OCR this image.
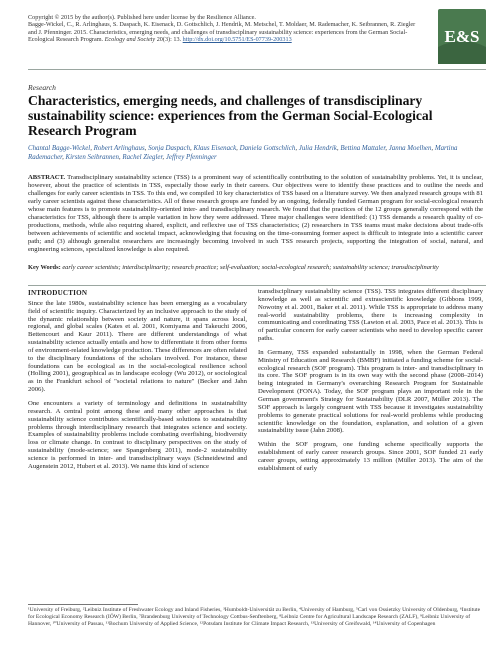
Copyright © 2015 by the author(s). Published here under license by the Resilience Alliance.

Bagge-Wickel, C., R. Arlinghaus, S. Daspach, K. Eisenack, D. Gottschlich, J. Hendrik, M. Metschel, T. Moldaer, M. Rademacher, K. Seibrannen, R. Ziegler and J. Pfenninger. 2015. Characteristics, emerging needs, and challenges of transdisciplinary sustainability science: experiences from the German Social-Ecological Research Program. Ecology and Society 20(3): 13. http://dx.doi.org/10.5751/ES-07739-200313	E&S
Research
Characteristics, emerging needs, and challenges of transdisciplinary sustainability science: experiences from the German Social-Ecological Research Program

Chantal Bagge-Wickel, Robert Arlinghaus, Sonja Daspach, Klaus Eisenack, Daniela Gottschlich, Julia Hendrik, Bettina Mattaler, Janna Moelhen, Martina Rademacher, Kirsten Seibrannen, Rachel Ziegler, Jeffrey Pfenninger

ABSTRACT. Transdisciplinary sustainability science (TSS) is a prominent way of scientifically contributing to the solution of sustainability problems. Yet, it is unclear, however, about the practice of scientists in TSS, especially those early in their careers. Our objectives were to identify these practices and to outline the needs and challenges for early career scientists in TSS. To this end, we compiled 10 key characteristics of TSS based on a literature survey. We then analyzed research groups with 81 early career scientists against these characteristics. All of these research groups are funded by an ongoing, federally funded German program for social-ecological research whose main features is to promote sustainability-oriented inter- and transdisciplinary research. We found that the practices of the 12 groups generally correspond with the characteristics for TSS, although there is ample variation in how they were addressed. Three major challenges were identified: (1) TSS demands a research quality of co-productions, methods, while also requiring shared, explicit, and reflexive use of TSS characteristics; (2) researchers in TSS teams must make decisions about trade-offs between achievements of scientific and societal impact, acknowledging that focusing on the time-consuming former aspect is difficult to integrate into a scientific career path; and (3) although generalist researchers are increasingly becoming involved in such TSS research projects, supporting the integration of social, natural, and engineering sciences, specialized knowledge is also required.

Key Words: early career scientists; interdisciplinarity; research practice; self-evaluation; social-ecological research; sustainability science; transdisciplinarity

INTRODUCTION

Since the late 1980s, sustainability science has been emerging as a vocabulary field of scientific inquiry. Characterized by an inclusive approach to the study of the dynamic relationship between society and nature, it spans across local, regional, and global scales (Kates et al. 2001, Komiyama and Takeuchi 2006, Bettencourt and Kaur 2011). There are different understandings of what sustainability science actually entails and how to differentiate it from other forms of environment-related knowledge production. These differences are often related to the disciplinary foundations of the scholars involved. For instance, these foundations can be ecological as in the social-ecological resilience school (Holling 2001), geographical as in landscape ecology (Wu 2012), or sociological as in the Frankfurt school of "societal relations to nature" (Becker and Jahn 2006).

One encounters a variety of terminology and definitions in sustainability research. A central point among these and many other approaches is that sustainability science contributes scientifically-based solutions to sustainability problems through interdisciplinary research that integrates science and society. Examples of sustainability problems include combating overfishing, biodiversity loss or climate change. In contrast to disciplinary perspectives on the study of sustainability (mode-science; see Spangenberg 2011), mode-2 sustainability science is performed in inter- and transdisciplinary ways (Schneidewind and Augenstein 2012, Hubert et al. 2013). We name this kind of science

transdisciplinary sustainability science (TSS). TSS integrates different disciplinary knowledge as well as scientific and extrascientific knowledge (Gibbons 1999, Nowotny et al. 2001, Baker et al. 2011). While TSS is appropriate to address many real-world sustainability problems, there is increasing complexity in communicating and coordinating TSS (Lawton et al. 2003, Pace et al. 2013). This is of particular concern for early career scientists who need to develop specific career paths.

In Germany, TSS expanded substantially in 1998, when the German Federal Ministry of Education and Research (BMBF) initiated a funding scheme for social-ecological research (SOF program). This program is inter- and transdisciplinary in its core. The SOF program is in its own way with the second phase (2008–2014) being integrated in Germany's overarching Research Program for Sustainable Development (FONA). Today, the SOF program plays an important role in the German government's Strategy for Sustainability (DLR 2007, Müller 2013). The SOF approach is largely congruent with TSS because it investigates sustainability problems to generate practical solutions for real-world problems while producing scientific knowledge on the foundation, explanation, and solution of a given sustainability issue (Jahn 2008).

Within the SOF program, one funding scheme specifically supports the establishment of early career research groups. Since 2001, SOF funded 21 early career groups, setting approximately 13 million (Müller 2013). The aim of the establishment of early

¹University of Freiburg, ²Leibniz Institute of Freshwater Ecology and Inland Fisheries, ³Humboldt-Universität zu Berlin, ⁴University of Hamburg, ⁵Carl von Ossietzky University of Oldenburg, ⁶Institute for Ecological Economy Research (IÖW) Berlin, ⁷Brandenburg University of Technology Cottbus-Senftenberg, ⁸Leibniz Centre for Agricultural Landscape Research (ZALF), ⁹Leibniz University of Hannover, ¹⁰University of Passau, ¹¹Bochum University of Applied Science, ¹²Potsdam Institute for Climate Impact Research, ¹³University of Greifswald, ¹⁴University of Copenhagen
